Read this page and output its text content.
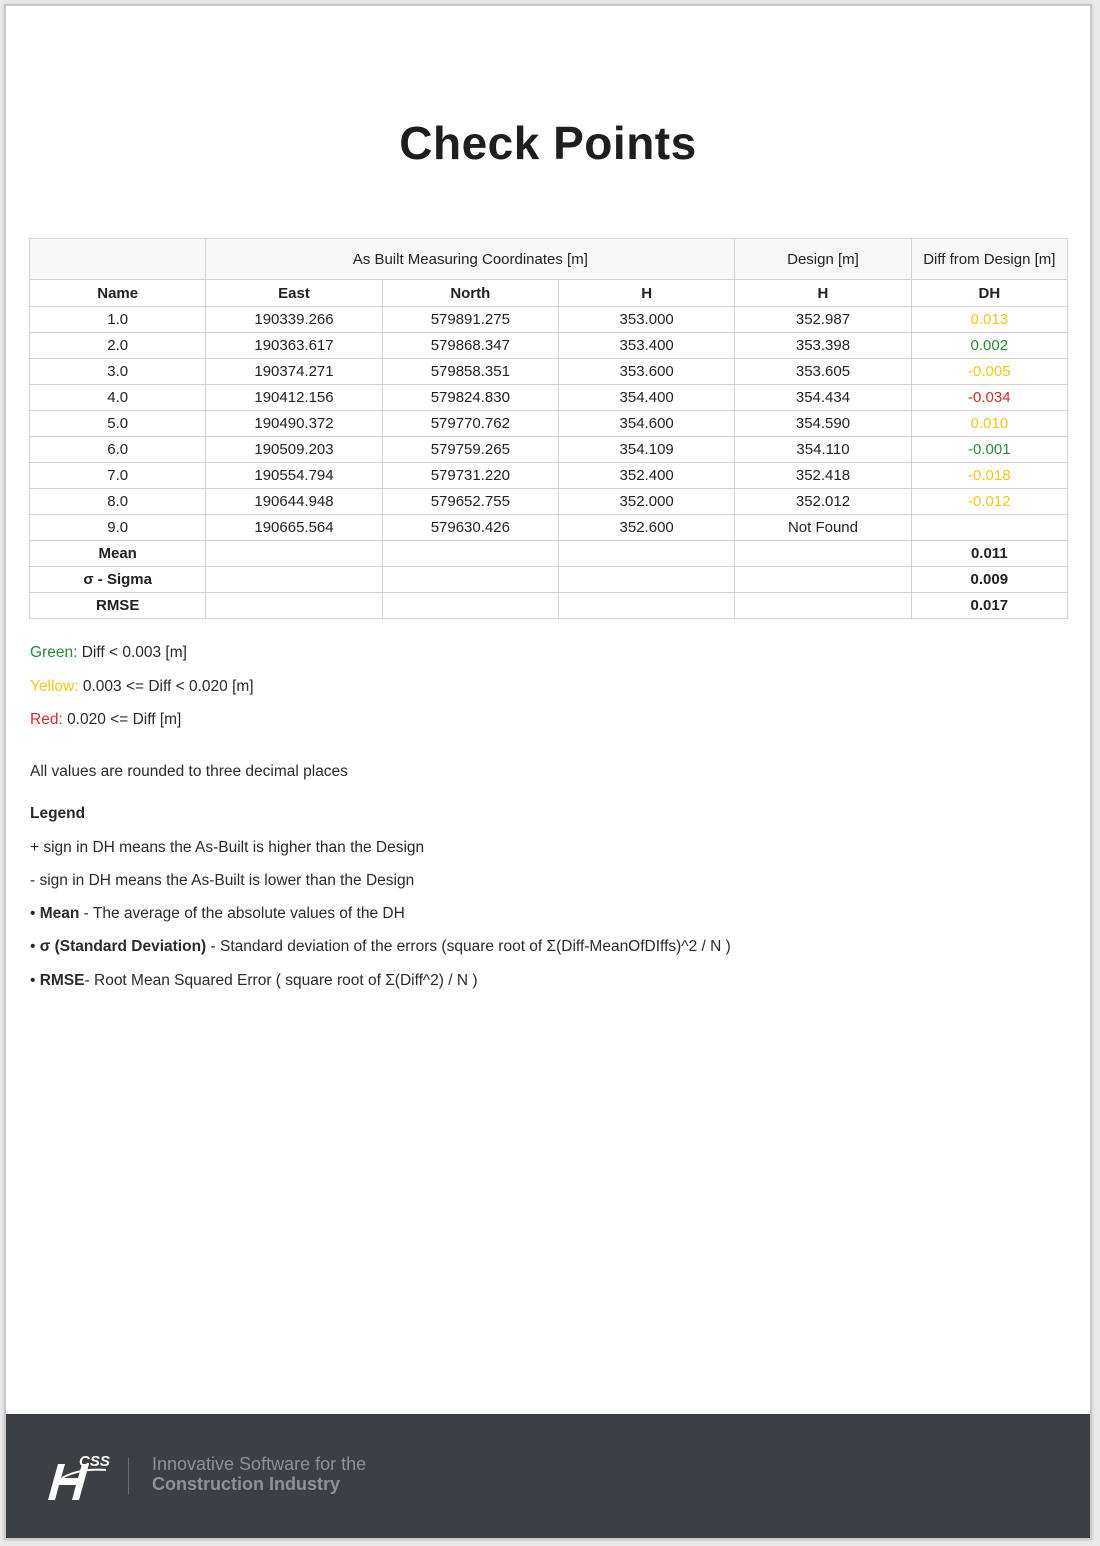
Check Points
	As Built Measuring Coordinates [m]			Design [m]	Diff from Design [m]
Name	East	North	H	H	DH
1.0	190339.266	579891.275	353.000	352.987	0.013
2.0	190363.617	579868.347	353.400	353.398	0.002
3.0	190374.271	579858.351	353.600	353.605	-0.005
4.0	190412.156	579824.830	354.400	354.434	-0.034
5.0	190490.372	579770.762	354.600	354.590	0.010
6.0	190509.203	579759.265	354.109	354.110	-0.001
7.0	190554.794	579731.220	352.400	352.418	-0.018
8.0	190644.948	579652.755	352.000	352.012	-0.012
9.0	190665.564	579630.426	352.600	Not Found	
Mean					0.011
σ - Sigma					0.009
RMSE					0.017
Green: Diff < 0.003 [m]
Yellow: 0.003 <= Diff < 0.020 [m]
Red: 0.020 <= Diff [m]
All values are rounded to three decimal places
Legend
+ sign in DH means the As-Built is higher than the Design
- sign in DH means the As-Built is lower than the Design
• Mean - The average of the absolute values of the DH
• σ (Standard Deviation) - Standard deviation of the errors (square root of Σ(Diff-MeanOfDIffs)^2 / N )
• RMSE- Root Mean Squared Error ( square root of Σ(Diff^2) / N )
CSS Innovative Software for the
Construction Industry
